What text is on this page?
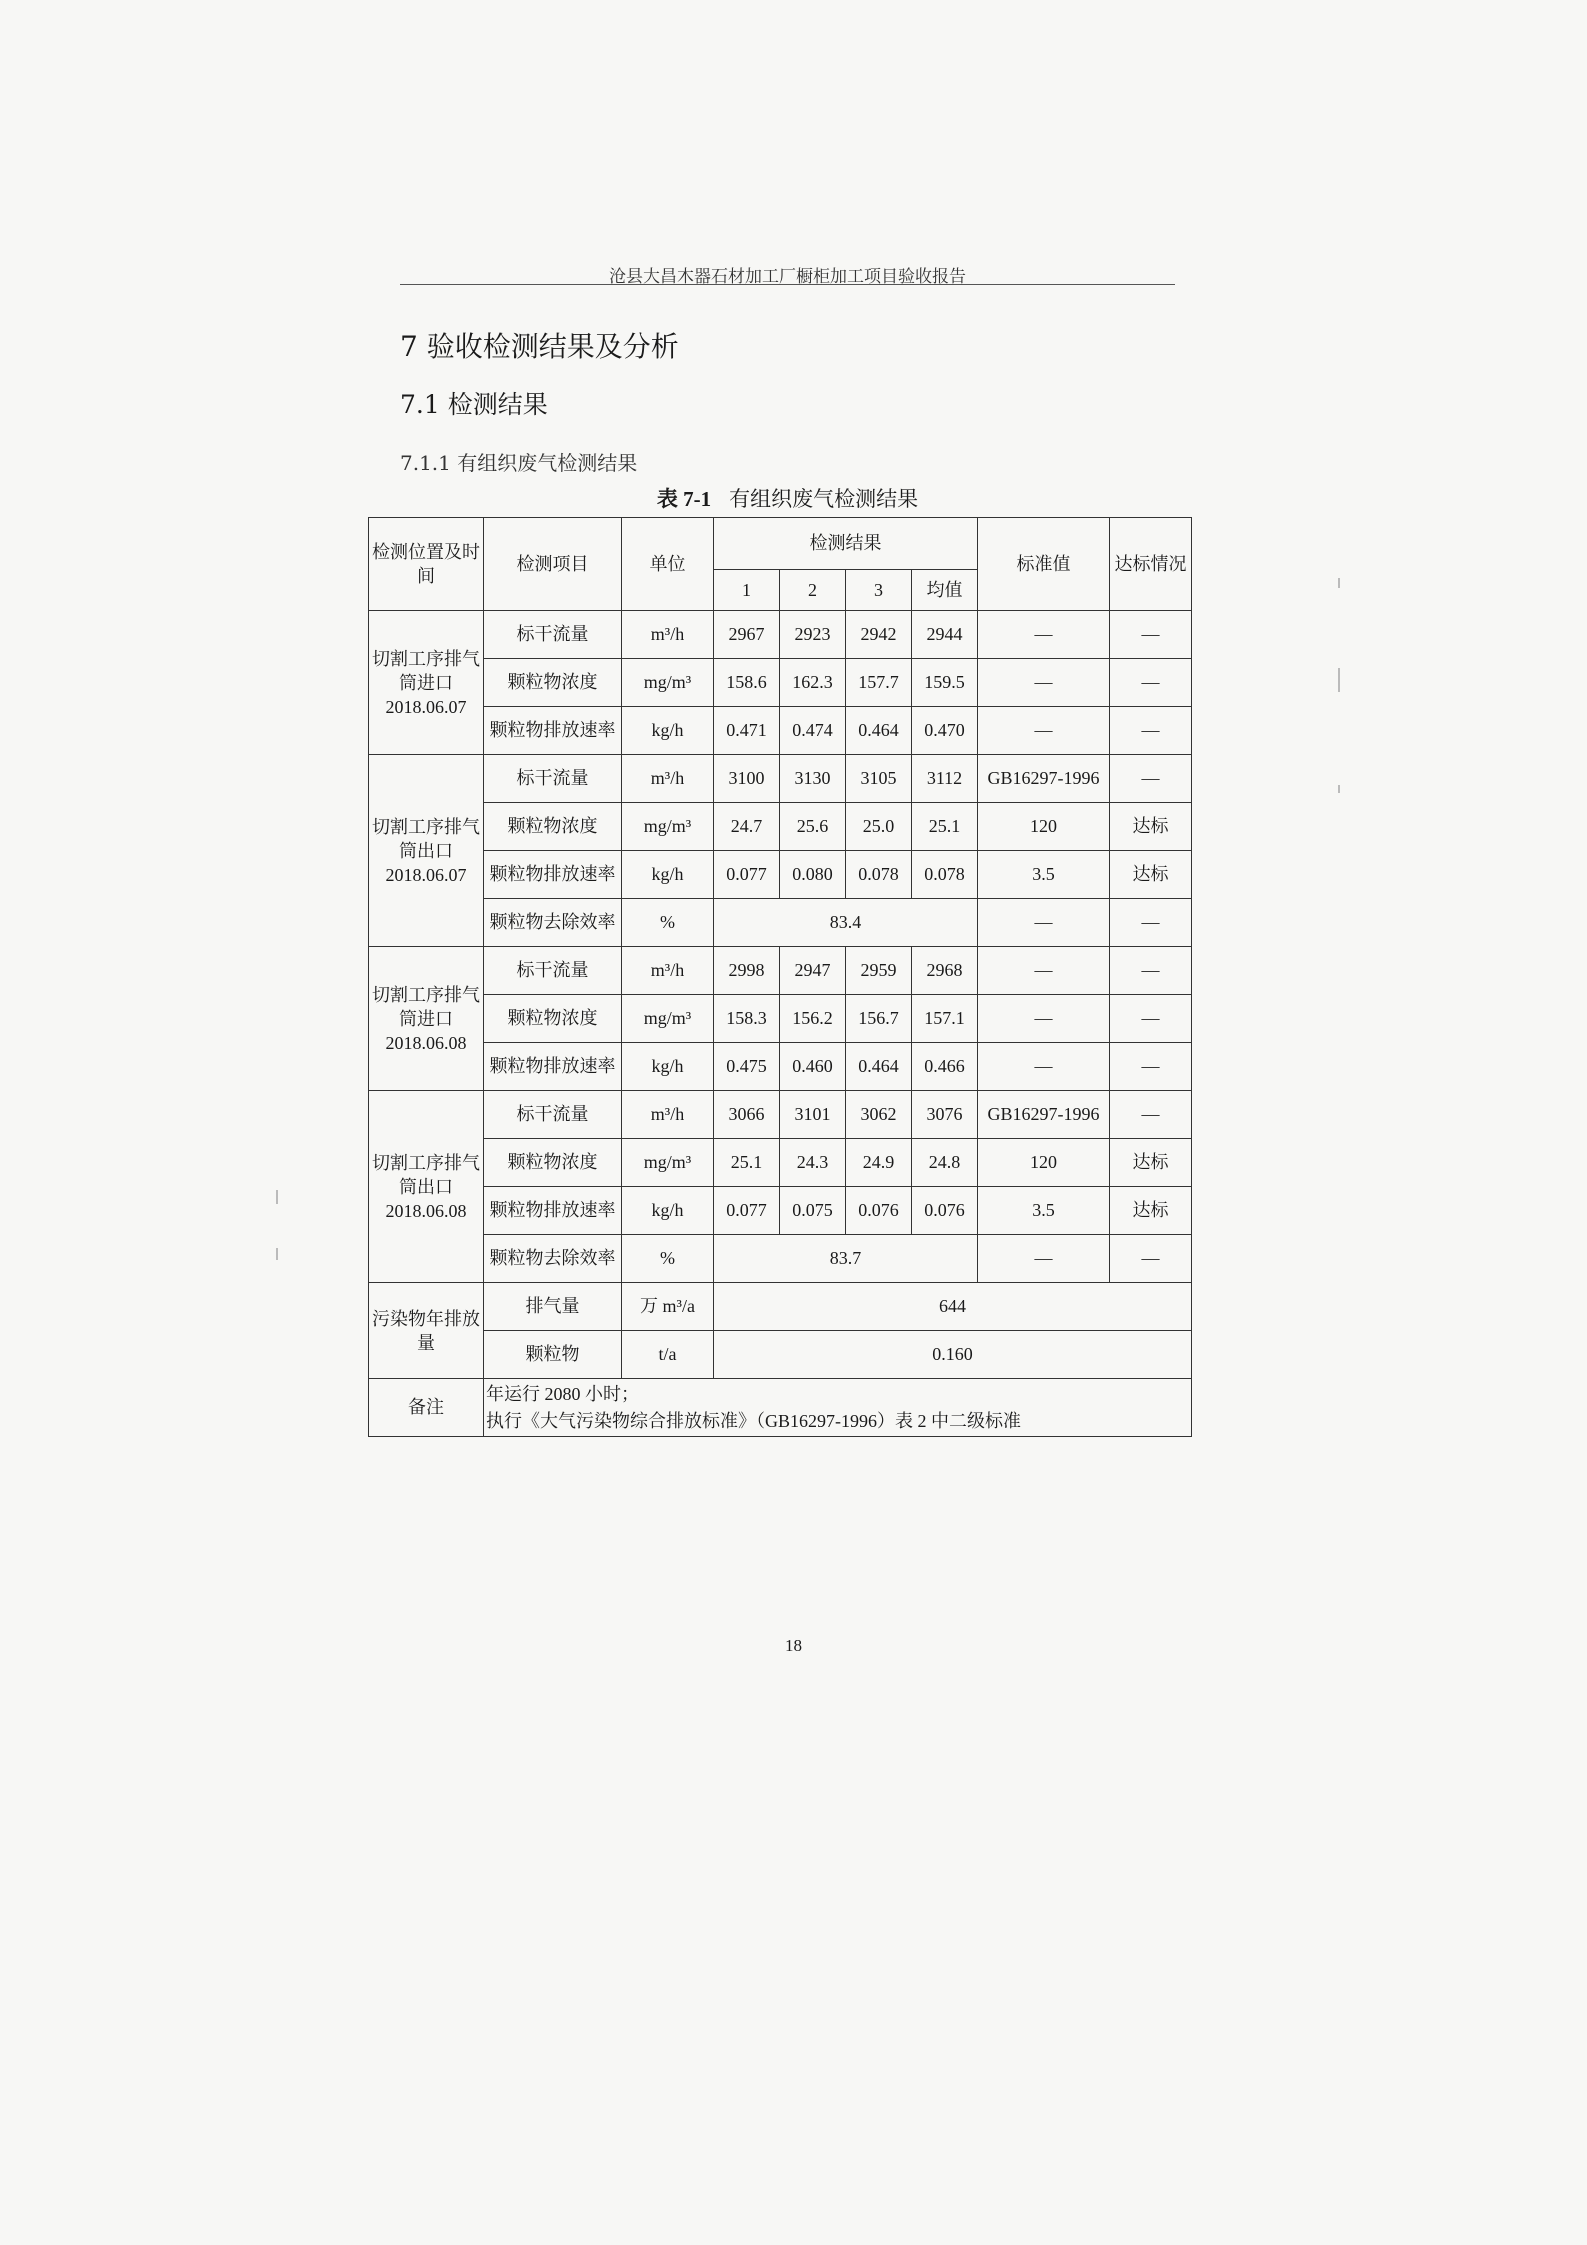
沧县大昌木器石材加工厂橱柜加工项目验收报告
7 验收检测结果及分析
7.1 检测结果
7.1.1 有组织废气检测结果
表 7-1 有组织废气检测结果
检测位置及时间	检测项目	单位	检测结果				标准值	达标情况
			1	2	3	均值		
切割工序排气筒进口2018.06.07	标干流量	m³/h	2967	2923	2942	2944	—	—
	颗粒物浓度	mg/m³	158.6	162.3	157.7	159.5	—	—
	颗粒物排放速率	kg/h	0.471	0.474	0.464	0.470	—	—
切割工序排气筒出口2018.06.07	标干流量	m³/h	3100	3130	3105	3112	GB16297-1996	—
	颗粒物浓度	mg/m³	24.7	25.6	25.0	25.1	120	达标
	颗粒物排放速率	kg/h	0.077	0.080	0.078	0.078	3.5	达标
	颗粒物去除效率	%	83.4				—	—
切割工序排气筒进口2018.06.08	标干流量	m³/h	2998	2947	2959	2968	—	—
	颗粒物浓度	mg/m³	158.3	156.2	156.7	157.1	—	—
	颗粒物排放速率	kg/h	0.475	0.460	0.464	0.466	—	—
切割工序排气筒出口2018.06.08	标干流量	m³/h	3066	3101	3062	3076	GB16297-1996	—
	颗粒物浓度	mg/m³	25.1	24.3	24.9	24.8	120	达标
	颗粒物排放速率	kg/h	0.077	0.075	0.076	0.076	3.5	达标
	颗粒物去除效率	%	83.7				—	—
污染物年排放量	排气量	万 m³/a	644					
	颗粒物	t/a	0.160					
备注	年运行 2080 小时；
执行《大气污染物综合排放标准》（GB16297-1996）表 2 中二级标准							
18
